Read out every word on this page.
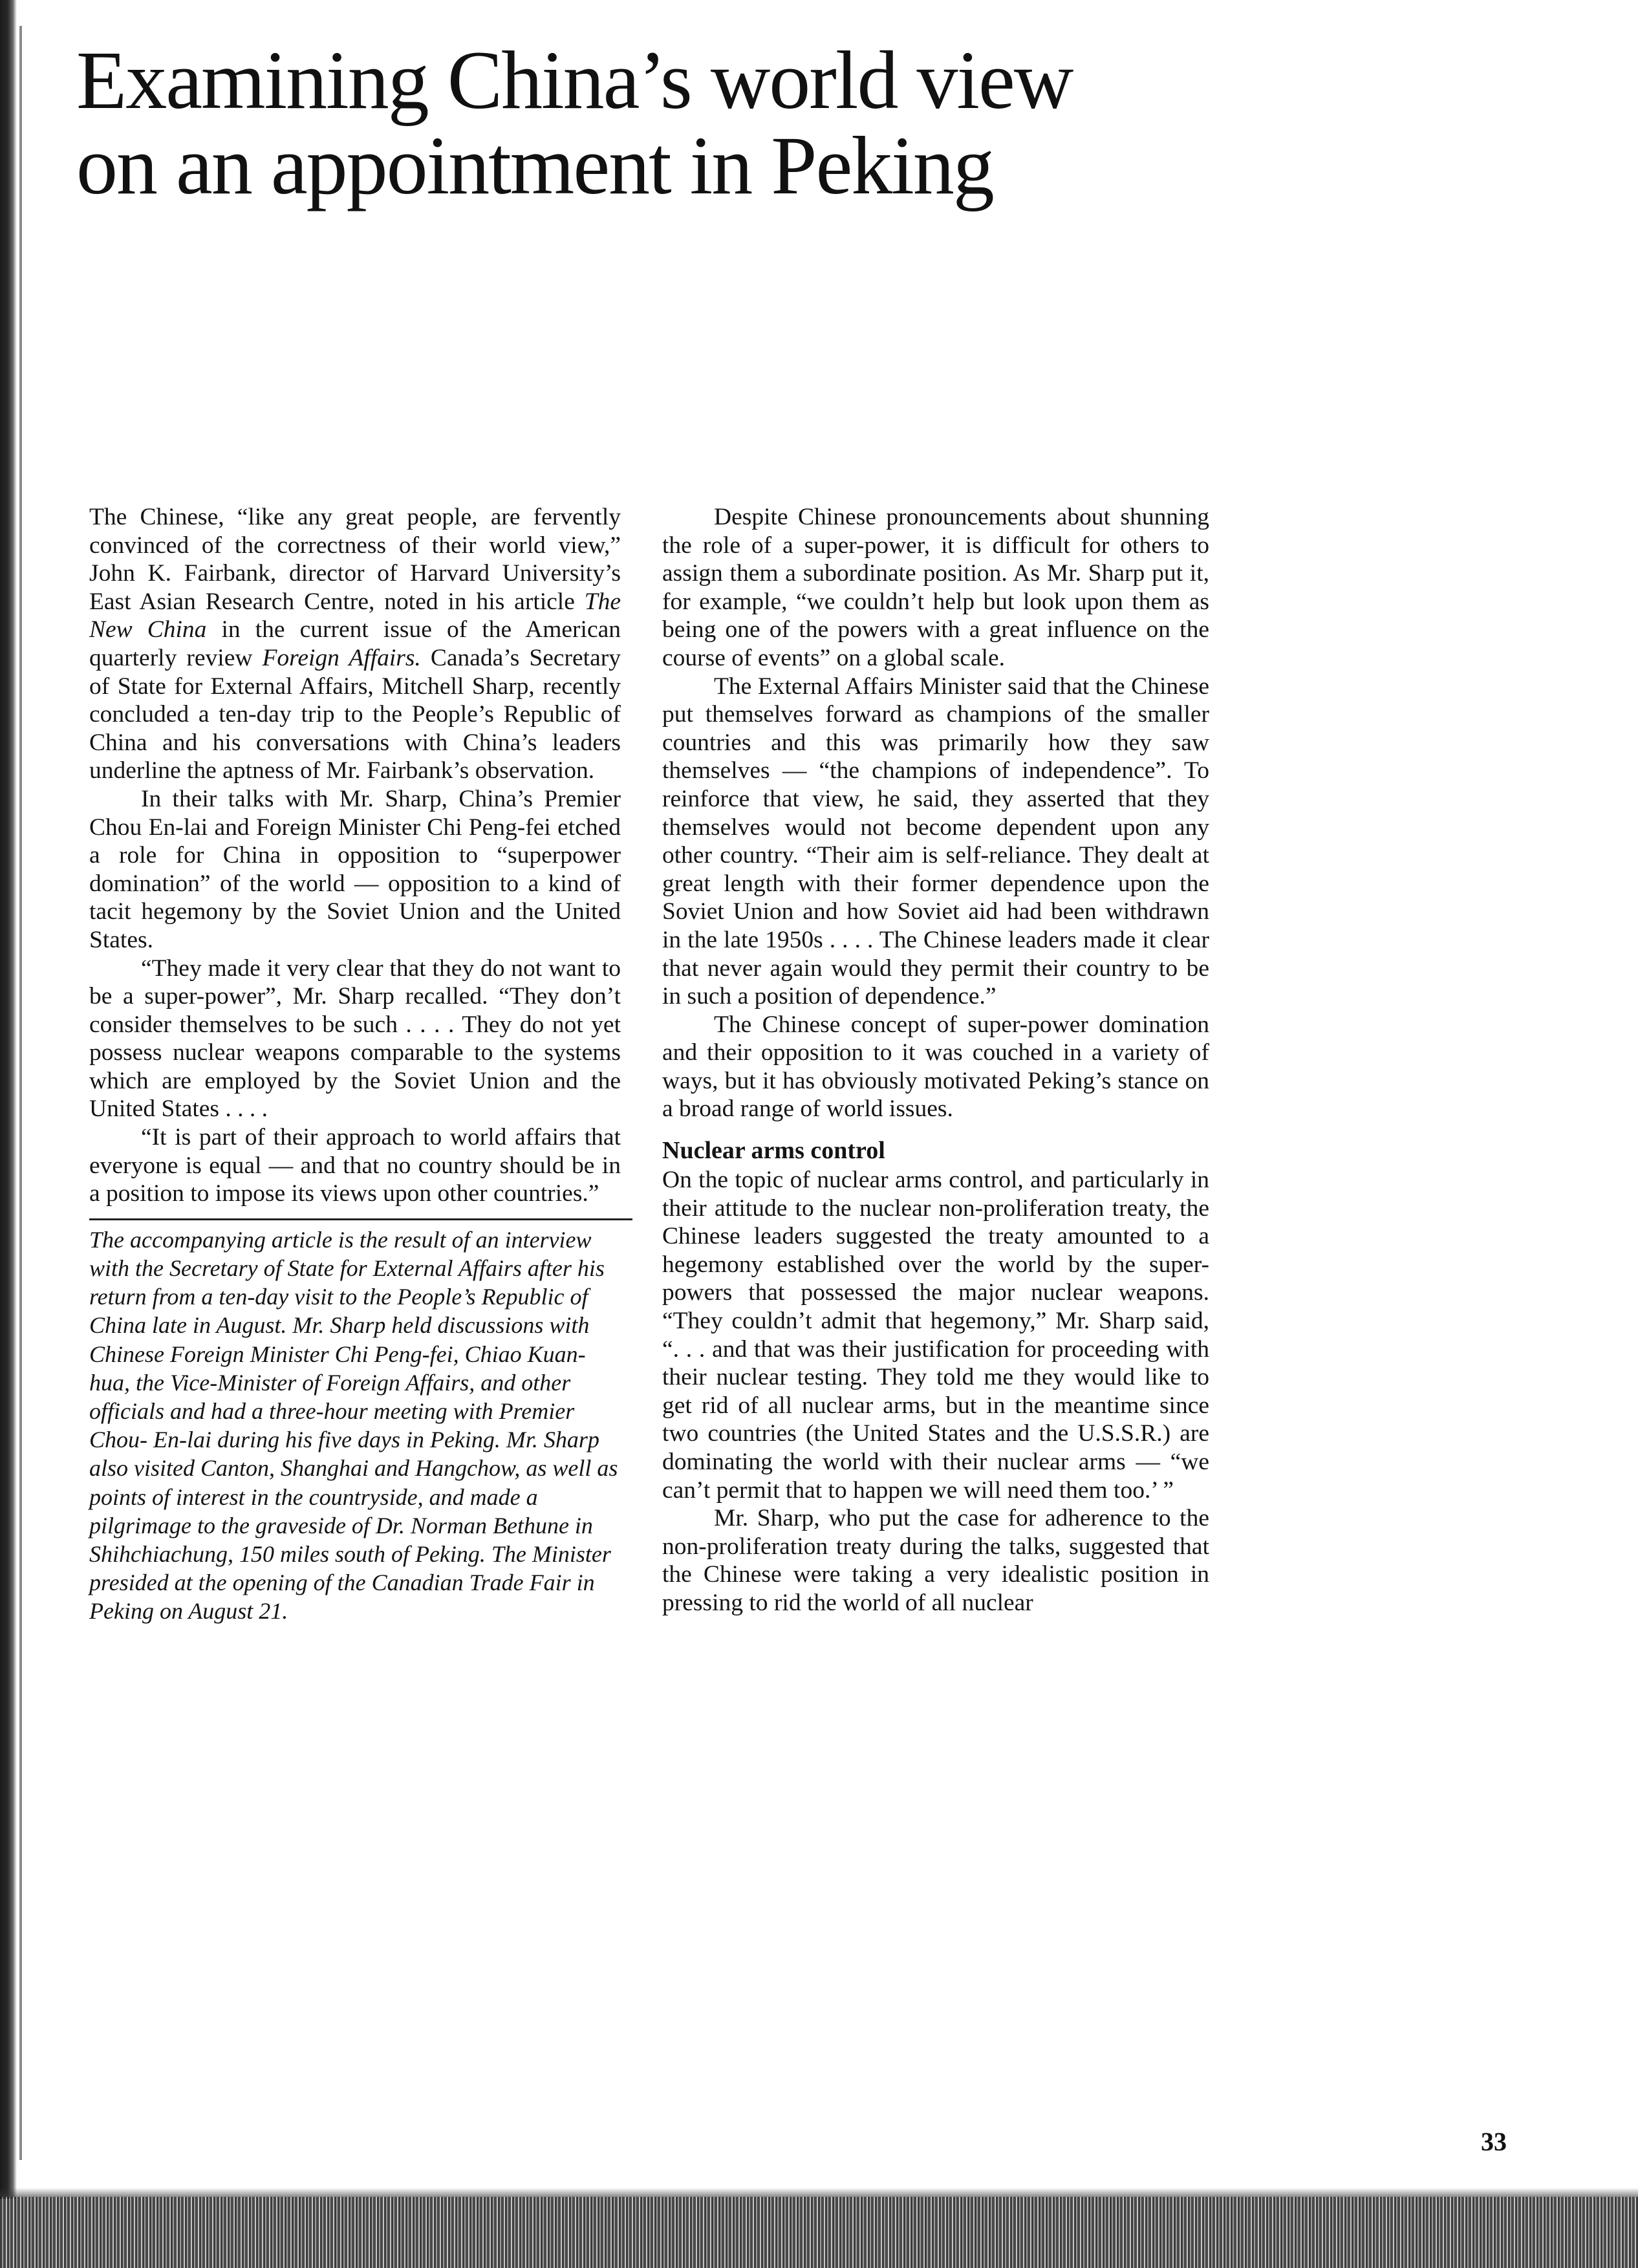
Examining China’s world view
on an appointment in Peking

The Chinese, “like any great people, are fervently convinced of the correctness of their world view,” John K. Fairbank, director of Harvard University’s East Asian Research Centre, noted in his article The New China in the current issue of the American quarterly review Foreign Affairs. Canada’s Secretary of State for External Affairs, Mitchell Sharp, recently concluded a ten-day trip to the People’s Republic of China and his conversations with China’s leaders underline the aptness of Mr. Fairbank’s observation.

In their talks with Mr. Sharp, China’s Premier Chou En-lai and Foreign Minister Chi Peng-fei etched a role for China in opposition to “superpower domination” of the world — opposition to a kind of tacit hegemony by the Soviet Union and the United States.

“They made it very clear that they do not want to be a super-power”, Mr. Sharp recalled. “They don’t consider themselves to be such . . . . They do not yet possess nuclear weapons comparable to the systems which are employed by the Soviet Union and the United States . . . .

“It is part of their approach to world affairs that everyone is equal — and that no country should be in a position to impose its views upon other countries.”

The accompanying article is the result of an interview with the Secretary of State for External Affairs after his return from a ten-day visit to the People’s Republic of China late in August. Mr. Sharp held discussions with Chinese Foreign Minister Chi Peng-fei, Chiao Kuan-hua, the Vice-Minister of Foreign Affairs, and other officials and had a three-hour meeting with Premier Chou- En-lai during his five days in Peking. Mr. Sharp also visited Canton, Shanghai and Hangchow, as well as points of interest in the countryside, and made a pilgrimage to the graveside of Dr. Norman Bethune in Shihchiachung, 150 miles south of Peking. The Minister presided at the opening of the Canadian Trade Fair in Peking on August 21.

Despite Chinese pronouncements about shunning the role of a super-power, it is difficult for others to assign them a subordinate position. As Mr. Sharp put it, for example, “we couldn’t help but look upon them as being one of the powers with a great influence on the course of events” on a global scale.

The External Affairs Minister said that the Chinese put themselves forward as champions of the smaller countries and this was primarily how they saw themselves — “the champions of independence”. To reinforce that view, he said, they asserted that they themselves would not become dependent upon any other country. “Their aim is self-reliance. They dealt at great length with their former dependence upon the Soviet Union and how Soviet aid had been withdrawn in the late 1950s . . . . The Chinese leaders made it clear that never again would they permit their country to be in such a position of dependence.”

The Chinese concept of super-power domination and their opposition to it was couched in a variety of ways, but it has obviously motivated Peking’s stance on a broad range of world issues.

Nuclear arms control

On the topic of nuclear arms control, and particularly in their attitude to the nuclear non-proliferation treaty, the Chinese leaders suggested the treaty amounted to a hegemony established over the world by the super-powers that possessed the major nuclear weapons. “They couldn’t admit that hegemony,” Mr. Sharp said, “. . . and that was their justification for proceeding with their nuclear testing. They told me they would like to get rid of all nuclear arms, but in the meantime since two countries (the United States and the U.S.S.R.) are dominating the world with their nuclear arms — “we can’t permit that to happen we will need them too.’ ”

Mr. Sharp, who put the case for adherence to the non-proliferation treaty during the talks, suggested that the Chinese were taking a very idealistic position in pressing to rid the world of all nuclear

33
